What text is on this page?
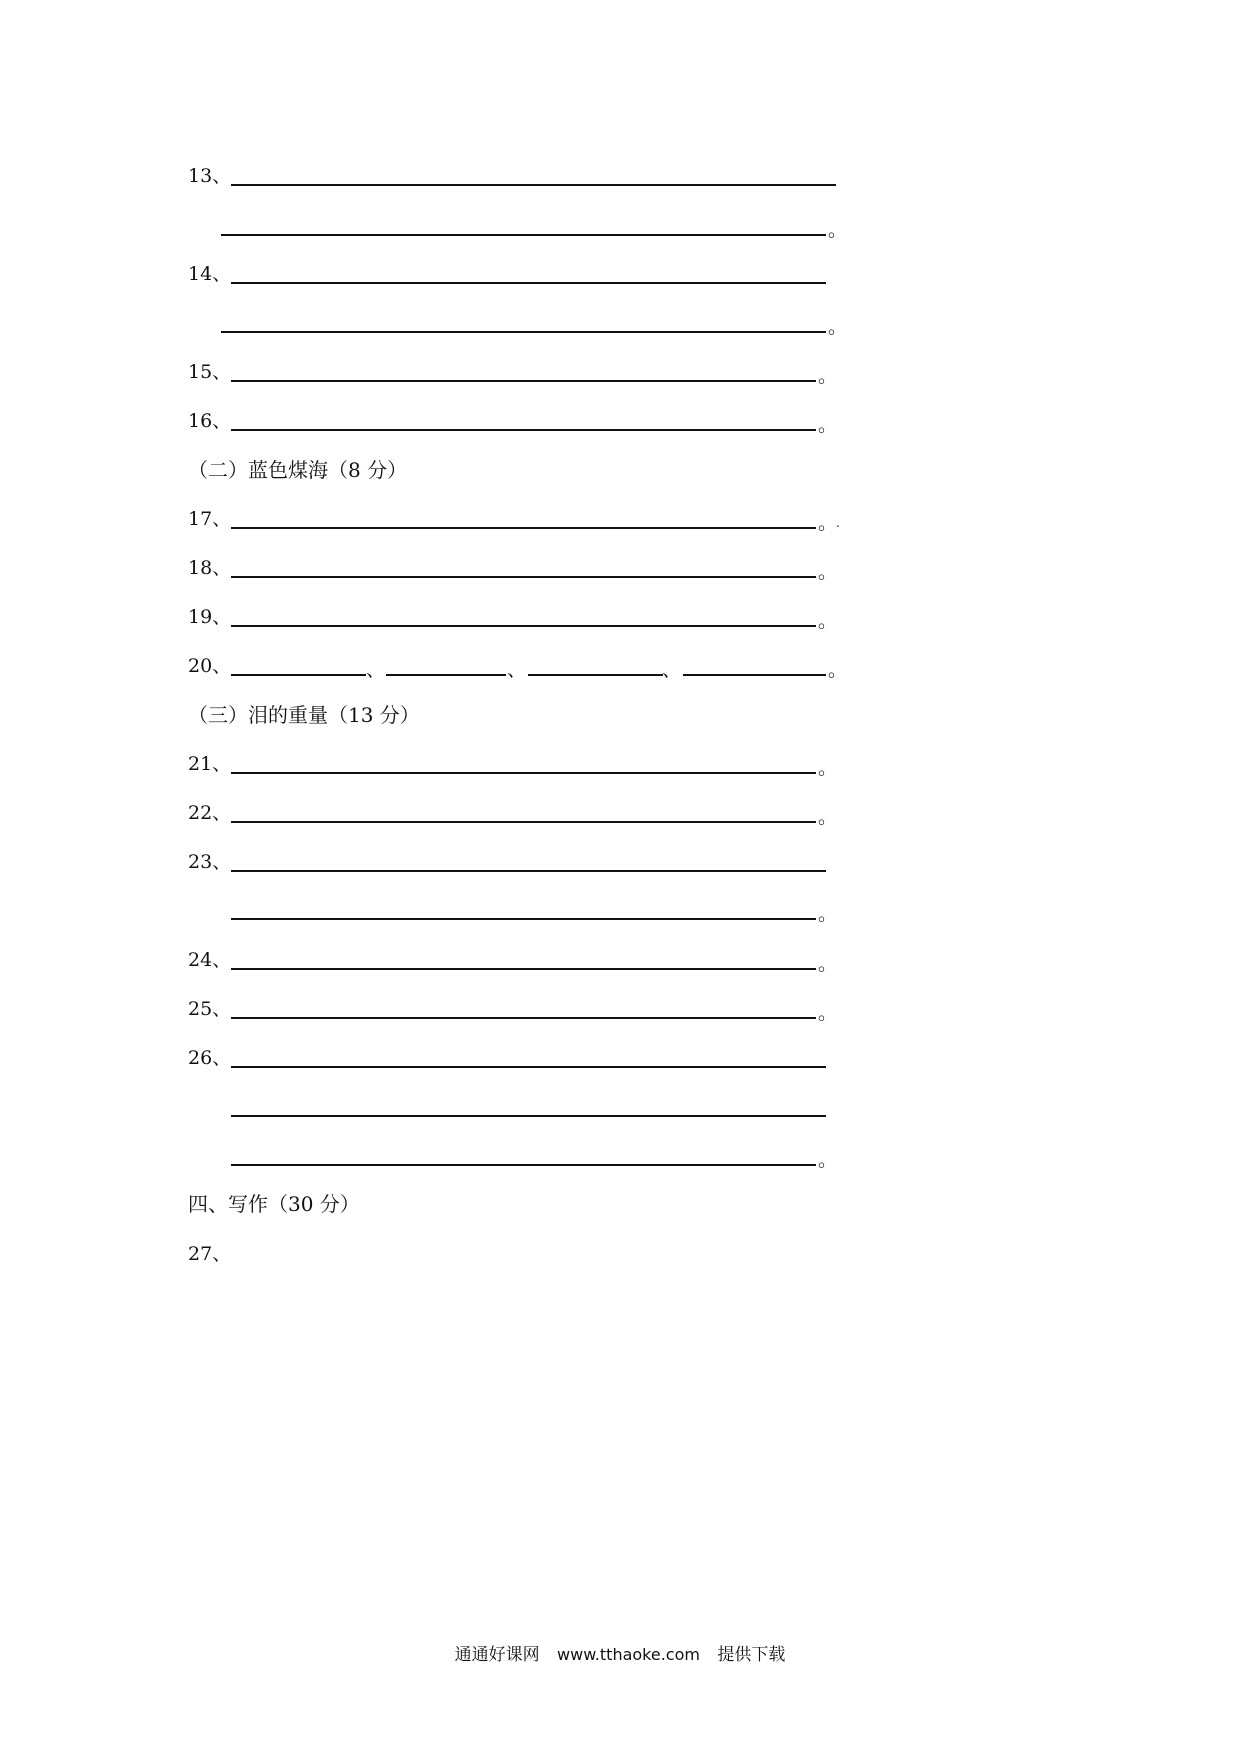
13、
。
14、
。
15、	。
16、	。
（二）蓝色煤海（8 分）
17、	。
.
18、	。
19、	。
20、	、	、	、	。
（三）泪的重量（13 分）
21、	。
22、	。
23、
。
24、	。
25、	。
26、
。
四、写作（30 分）
27、
通通好课网 www.tthaoke.com 提供下载
